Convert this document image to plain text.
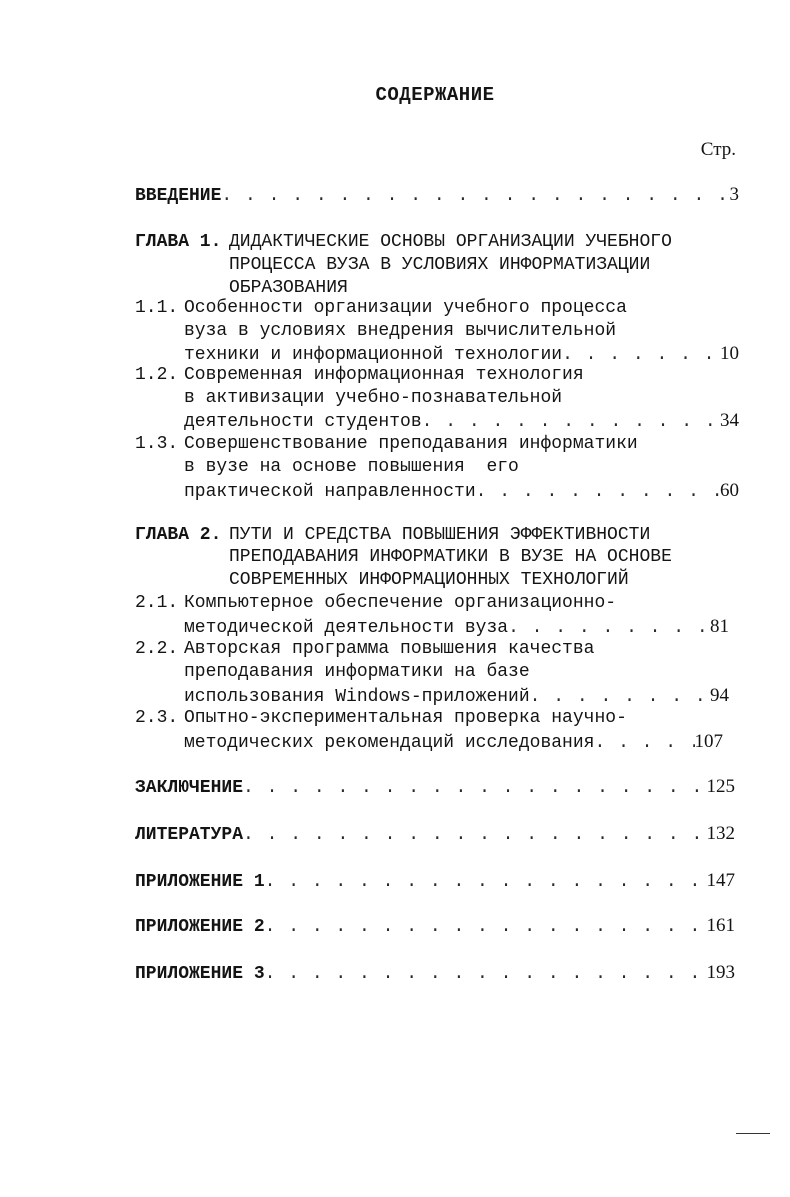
СОДЕРЖАНИЕ
Стр.
ВВЕДЕНИЕ . . .	3
ГЛАВА 1. ДИДАКТИЧЕСКИЕ ОСНОВЫ ОРГАНИЗАЦИИ УЧЕБНОГО
ПРОЦЕССА ВУЗА В УСЛОВИЯХ ИНФОРМАТИЗАЦИИ
ОБРАЗОВАНИЯ
1.1. Особенности организации учебного процесса
вуза в условиях внедрения вычислительной
техники и информационной технологии . . .	10
1.2. Современная информационная технология
в активизации учебно-познавательной
деятельности студентов . . .	34
1.3. Совершенствование преподавания информатики
в вузе на основе повышения  его
практической направленности . . .	60
ГЛАВА 2. ПУТИ И СРЕДСТВА ПОВЫШЕНИЯ ЭФФЕКТИВНОСТИ
ПРЕПОДАВАНИЯ ИНФОРМАТИКИ В ВУЗЕ НА ОСНОВЕ
СОВРЕМЕННЫХ ИНФОРМАЦИОННЫХ ТЕХНОЛОГИЙ
2.1. Компьютерное обеспечение организационно-
методической деятельности вуза . . .	81
2.2. Авторская программа повышения качества
преподавания информатики на базе
использования Windows-приложений . . .	94
2.3. Опытно-экспериментальная проверка научно-
методических рекомендаций исследования . . .	107
ЗАКЛЮЧЕНИЕ . . .	125
ЛИТЕРАТУРА . . .	132
ПРИЛОЖЕНИЕ 1 . . .	147
ПРИЛОЖЕНИЕ 2 . . .	161
ПРИЛОЖЕНИЕ 3 . . .	193
